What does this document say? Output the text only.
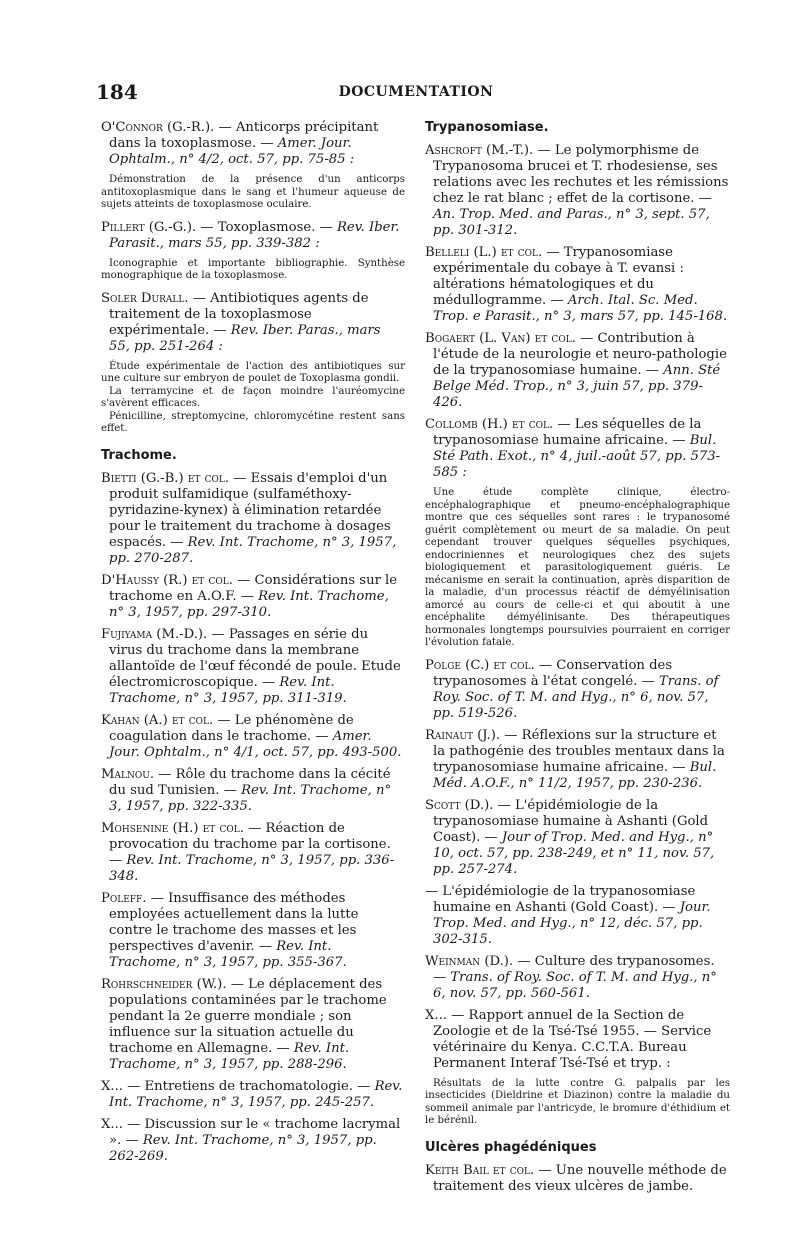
184	DOCUMENTATION
O'Connor (G.-R.). — Anticorps précipitant dans la toxoplasmose. — Amer. Jour. Ophtalm., n° 4/2, oct. 57, pp. 75-85 :

Démonstration de la présence d'un anticorps antitoxoplasmique dans le sang et l'humeur aqueuse de sujets atteints de toxoplasmose oculaire.

Pillert (G.-G.). — Toxoplasmose. — Rev. Iber. Parasit., mars 55, pp. 339-382 :

Iconographie et importante bibliographie. Synthèse monographique de la toxoplasmose.

Soler Durall. — Antibiotiques agents de traitement de la toxoplasmose expérimentale. — Rev. Iber. Paras., mars 55, pp. 251-264 :

Étude expérimentale de l'action des antibiotiques sur une culture sur embryon de poulet de Toxoplasma gondii.

La terramycine et de façon moindre l'auréomycine s'avèrent efficaces.

Pénicilline, streptomycine, chloromycétine restent sans effet.

Trachome.
Bietti (G.-B.) et col. — Essais d'emploi d'un produit sulfamidique (sulfaméthoxy-pyridazine-kynex) à élimination retardée pour le traitement du trachome à dosages espacés. — Rev. Int. Trachome, n° 3, 1957, pp. 270-287.
D'Haussy (R.) et col. — Considérations sur le trachome en A.O.F. — Rev. Int. Trachome, n° 3, 1957, pp. 297-310.
Fujiyama (M.-D.). — Passages en série du virus du trachome dans la membrane allantoïde de l'œuf fécondé de poule. Etude électromicroscopique. — Rev. Int. Trachome, n° 3, 1957, pp. 311-319.
Kahan (A.) et col. — Le phénomène de coagulation dans le trachome. — Amer. Jour. Ophtalm., n° 4/1, oct. 57, pp. 493-500.
Malnou. — Rôle du trachome dans la cécité du sud Tunisien. — Rev. Int. Trachome, n° 3, 1957, pp. 322-335.
Mohsenine (H.) et col. — Réaction de provocation du trachome par la cortisone. — Rev. Int. Trachome, n° 3, 1957, pp. 336-348.
Poleff. — Insuffisance des méthodes employées actuellement dans la lutte contre le trachome des masses et les perspectives d'avenir. — Rev. Int. Trachome, n° 3, 1957, pp. 355-367.
Rohrschneider (W.). — Le déplacement des populations contaminées par le trachome pendant la 2e guerre mondiale ; son influence sur la situation actuelle du trachome en Allemagne. — Rev. Int. Trachome, n° 3, 1957, pp. 288-296.
X... — Entretiens de trachomatologie. — Rev. Int. Trachome, n° 3, 1957, pp. 245-257.
X... — Discussion sur le « trachome lacrymal ». — Rev. Int. Trachome, n° 3, 1957, pp. 262-269.
Trypanosomiase.
Ashcroft (M.-T.). — Le polymorphisme de Trypanosoma brucei et T. rhodesiense, ses relations avec les rechutes et les rémissions chez le rat blanc ; effet de la cortisone. — An. Trop. Med. and Paras., n° 3, sept. 57, pp. 301-312.
Belleli (L.) et col. — Trypanosomiase expérimentale du cobaye à T. evansi : altérations hématologiques et du médullogramme. — Arch. Ital. Sc. Med. Trop. e Parasit., n° 3, mars 57, pp. 145-168.
Bogaert (L. Van) et col. — Contribution à l'étude de la neurologie et neuro-pathologie de la trypanosomiase humaine. — Ann. Sté Belge Méd. Trop., n° 3, juin 57, pp. 379-426.
Collomb (H.) et col. — Les séquelles de la trypanosomiase humaine africaine. — Bul. Sté Path. Exot., n° 4, juil.-août 57, pp. 573-585 :

Une étude complète clinique, électro-encéphalographique et pneumo-encéphalographique montre que ces séquelles sont rares : le trypanosomé guérit complètement ou meurt de sa maladie. On peut cependant trouver quelques séquelles psychiques, endocriniennes et neurologiques chez des sujets biologiquement et parasitologiquement guéris. Le mécanisme en serait la continuation, après disparition de la maladie, d'un processus réactif de démyélinisation amorcé au cours de celle-ci et qui aboutit à une encéphalite démyélinisante. Des thérapeutiques hormonales longtemps poursuivies pourraient en corriger l'évolution fatale.

Polge (C.) et col. — Conservation des trypanosomes à l'état congelé. — Trans. of Roy. Soc. of T. M. and Hyg., n° 6, nov. 57, pp. 519-526.
Rainaut (J.). — Réflexions sur la structure et la pathogénie des troubles mentaux dans la trypanosomiase humaine africaine. — Bul. Méd. A.O.F., n° 11/2, 1957, pp. 230-236.
Scott (D.). — L'épidémiologie de la trypanosomiase humaine à Ashanti (Gold Coast). — Jour of Trop. Med. and Hyg., n° 10, oct. 57, pp. 238-249, et n° 11, nov. 57, pp. 257-274.
— L'épidémiologie de la trypanosomiase humaine en Ashanti (Gold Coast). — Jour. Trop. Med. and Hyg., n° 12, déc. 57, pp. 302-315.
Weinman (D.). — Culture des trypanosomes. — Trans. of Roy. Soc. of T. M. and Hyg., n° 6, nov. 57, pp. 560-561.
X... — Rapport annuel de la Section de Zoologie et de la Tsé-Tsé 1955. — Service vétérinaire du Kenya. C.C.T.A. Bureau Permanent Interaf Tsé-Tsé et tryp. :

Résultats de la lutte contre G. palpalis par les insecticides (Dieldrine et Diazinon) contre la maladie du sommeil animale par l'antricyde, le bromure d'éthidium et le bérénil.

Ulcères phagédéniques
Keith Bail et col. — Une nouvelle méthode de traitement des vieux ulcères de jambe.
